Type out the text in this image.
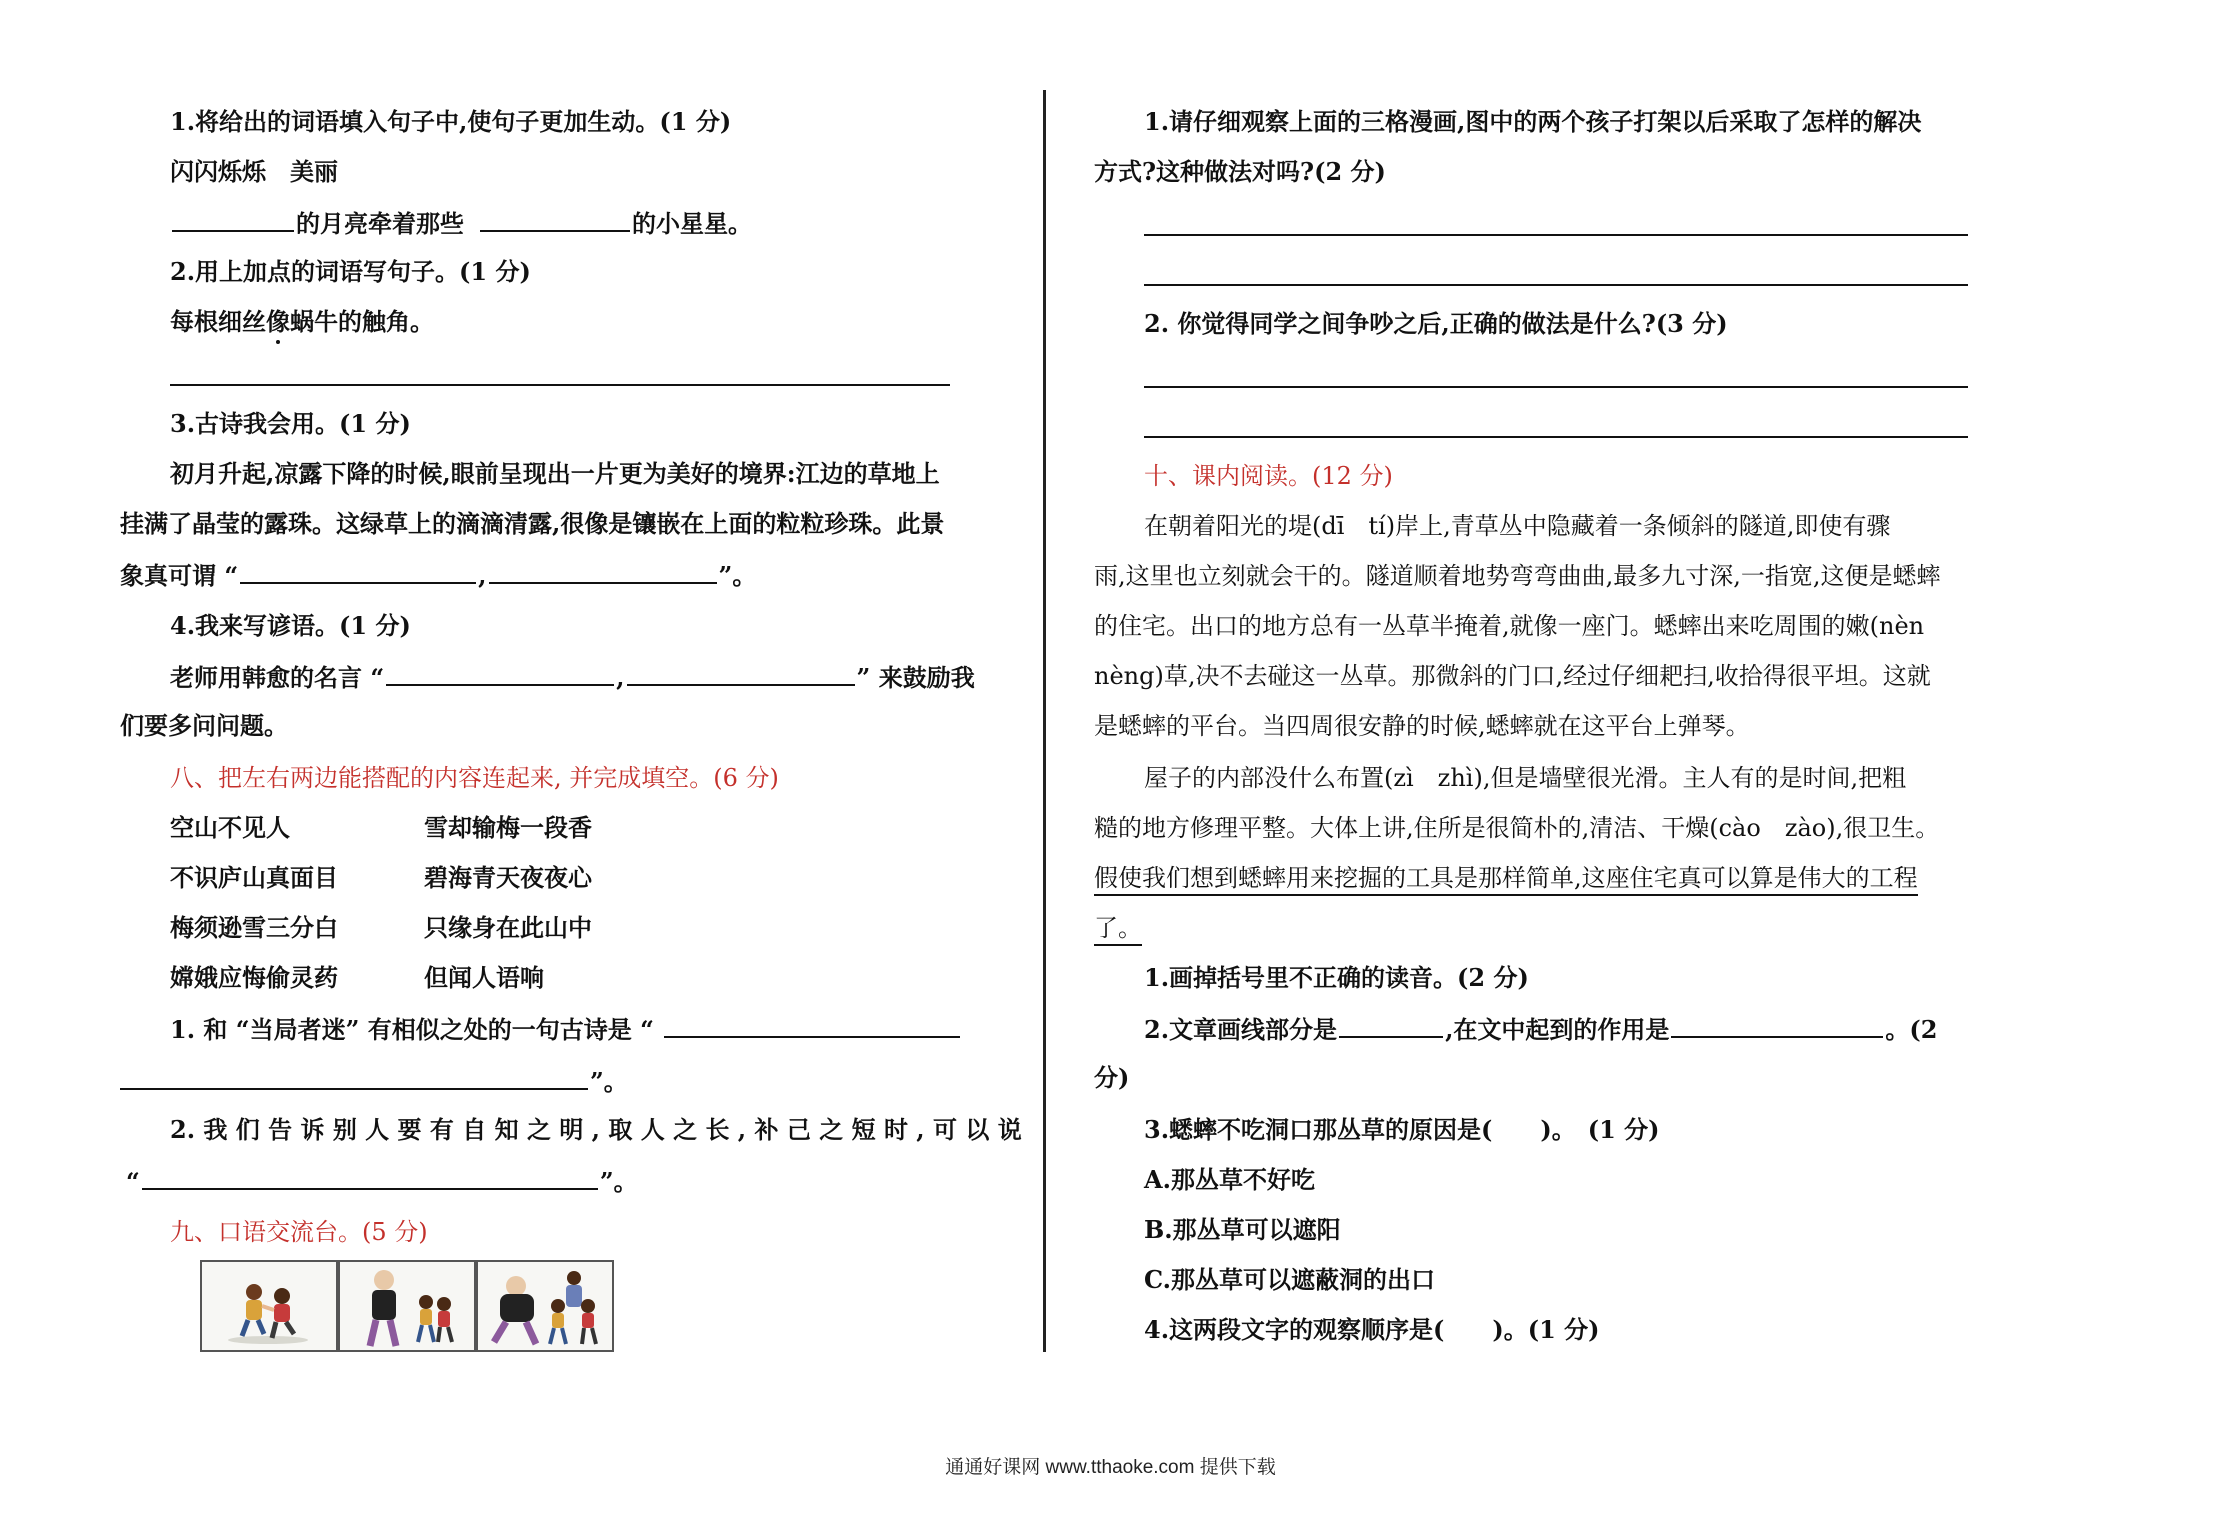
1.将给出的词语填入句子中,使句子更加生动。(1 分)
闪闪烁烁　美丽
的月亮牵着那些	的小星星。
2.用上加点的词语写句子。(1 分)
每根细丝像蜗牛的触角。
3.古诗我会用。(1 分)
初月升起,凉露下降的时候,眼前呈现出一片更为美好的境界:江边的草地上
挂满了晶莹的露珠。这绿草上的滴滴清露,很像是镶嵌在上面的粒粒珍珠。此景
象真可谓 “	,	”。
4.我来写谚语。(1 分)
老师用韩愈的名言 “	,	” 来鼓励我
们要多问问题。
八、把左右两边能搭配的内容连起来, 并完成填空。(6 分)
空山不见人	雪却输梅一段香
不识庐山真面目	碧海青天夜夜心
梅须逊雪三分白	只缘身在此山中
嫦娥应悔偷灵药	但闻人语响
1. 和 “当局者迷” 有相似之处的一句古诗是 “
”。
2. 我 们 告 诉 别 人 要 有 自 知 之 明 , 取 人 之 长 , 补 己 之 短 时 , 可 以 说
“	”。
九、口语交流台。(5 分)
1.请仔细观察上面的三格漫画,图中的两个孩子打架以后采取了怎样的解决
方式?这种做法对吗?(2 分)
2. 你觉得同学之间争吵之后,正确的做法是什么?(3 分)
十、课内阅读。(12 分)
在朝着阳光的堤(dī　tí)岸上,青草丛中隐藏着一条倾斜的隧道,即使有骤
雨,这里也立刻就会干的。隧道顺着地势弯弯曲曲,最多九寸深,一指宽,这便是蟋蟀
的住宅。出口的地方总有一丛草半掩着,就像一座门。蟋蟀出来吃周围的嫩(nèn
nèng)草,决不去碰这一丛草。那微斜的门口,经过仔细耙扫,收拾得很平坦。这就
是蟋蟀的平台。当四周很安静的时候,蟋蟀就在这平台上弹琴。
屋子的内部没什么布置(zì　zhì),但是墙壁很光滑。主人有的是时间,把粗
糙的地方修理平整。大体上讲,住所是很简朴的,清洁、干燥(cào　zào),很卫生。
假使我们想到蟋蟀用来挖掘的工具是那样简单,这座住宅真可以算是伟大的工程
了。
1.画掉括号里不正确的读音。(2 分)
2.文章画线部分是	,在文中起到的作用是	。(2
分)
3.蟋蟀不吃洞口那丛草的原因是(　　)。　(1 分)
A.那丛草不好吃
B.那丛草可以遮阳
C.那丛草可以遮蔽洞的出口
4.这两段文字的观察顺序是(　　)。(1 分)
通通好课网 www.tthaoke.com 提供下载
